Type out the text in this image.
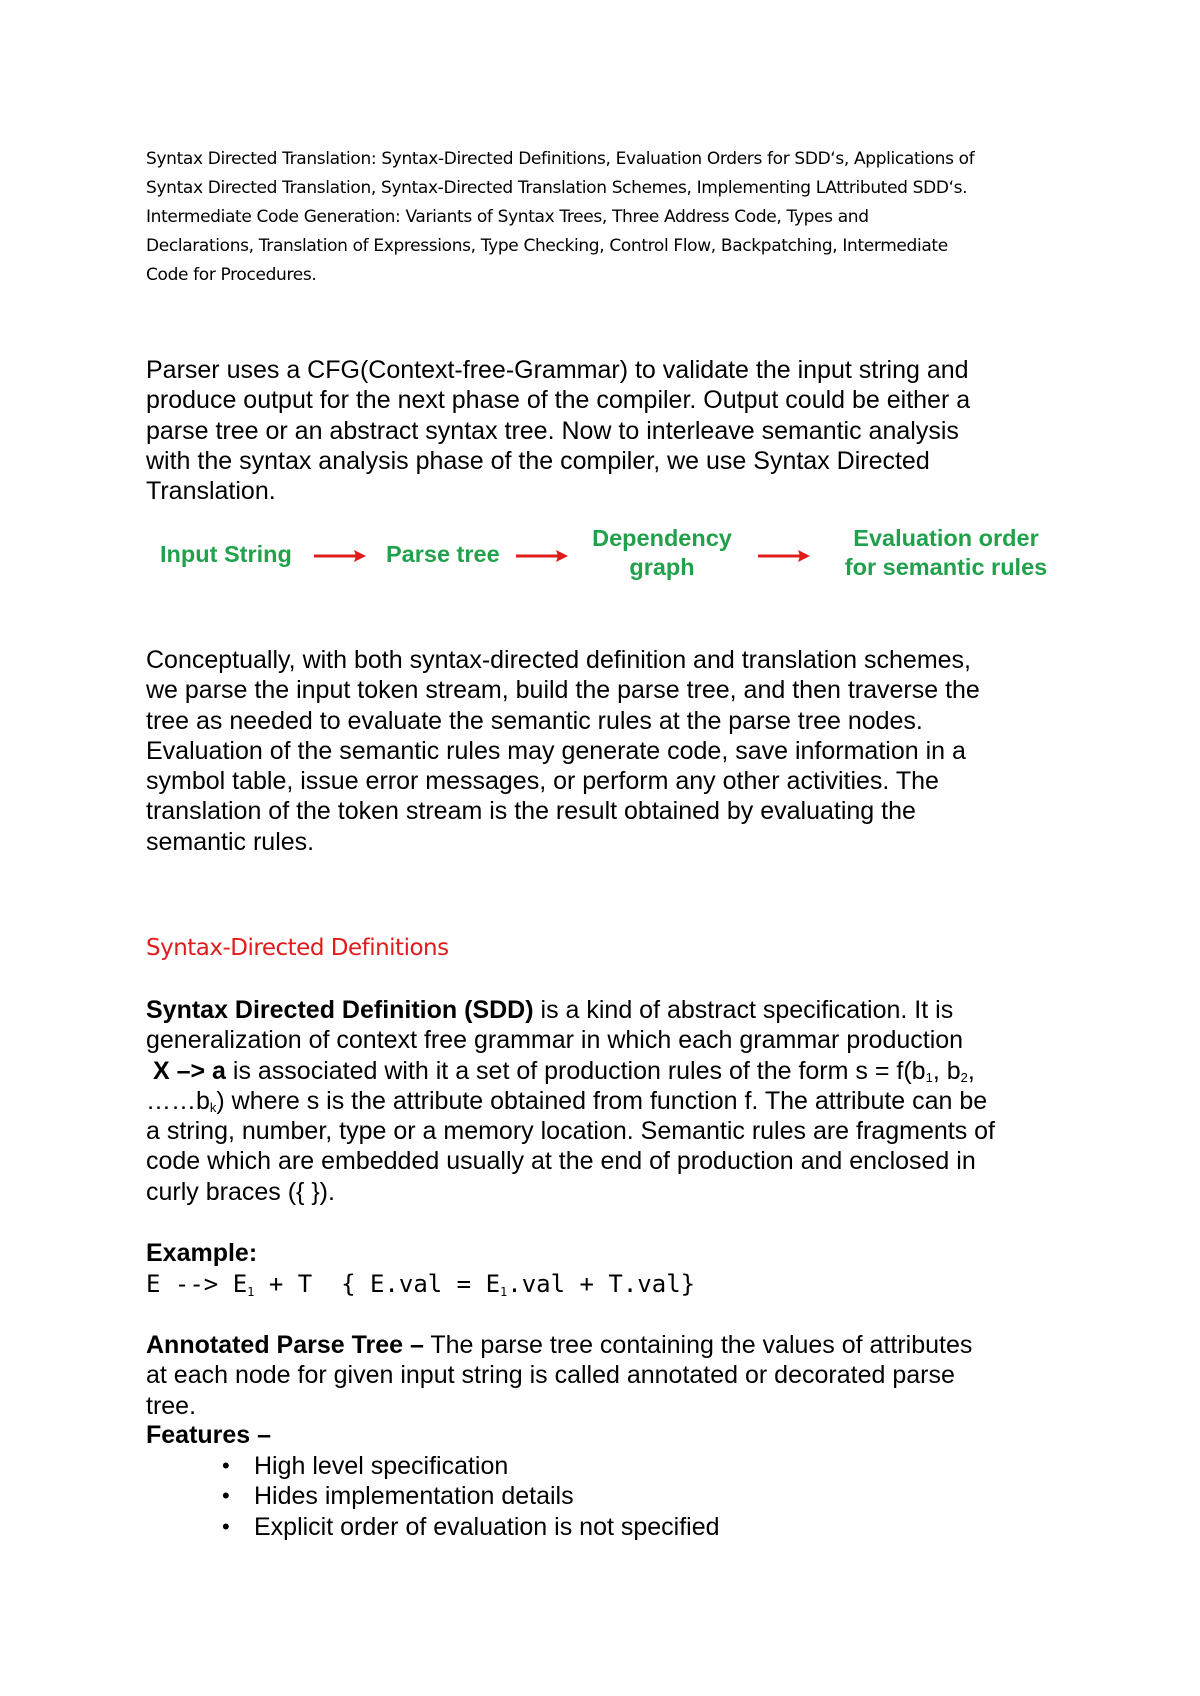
Syntax Directed Translation: Syntax-Directed Definitions, Evaluation Orders for SDD‘s, Applications of
Syntax Directed Translation, Syntax-Directed Translation Schemes, Implementing LAttributed SDD‘s.
Intermediate Code Generation: Variants of Syntax Trees, Three Address Code, Types and
Declarations, Translation of Expressions, Type Checking, Control Flow, Backpatching, Intermediate
Code for Procedures.
Parser uses a CFG(Context-free-Grammar) to validate the input string and
produce output for the next phase of the compiler. Output could be either a
parse tree or an abstract syntax tree. Now to interleave semantic analysis
with the syntax analysis phase of the compiler, we use Syntax Directed
Translation.
Input String	Parse tree
Dependency
graph
Evaluation order
for semantic rules
Conceptually, with both syntax-directed definition and translation schemes,
we parse the input token stream, build the parse tree, and then traverse the
tree as needed to evaluate the semantic rules at the parse tree nodes.
Evaluation of the semantic rules may generate code, save information in a
symbol table, issue error messages, or perform any other activities. The
translation of the token stream is the result obtained by evaluating the
semantic rules.
Syntax-Directed Definitions
Syntax Directed Definition (SDD) is a kind of abstract specification. It is
generalization of context free grammar in which each grammar production
X –> a is associated with it a set of production rules of the form $s = f(b_1$, $b_2$,
$\dots\dots b_k$) where s is the attribute obtained from function f. The attribute can be
a string, number, type or a memory location. Semantic rules are fragments of
code which are embedded usually at the end of production and enclosed in
curly braces ({ }).
Example:
E --> $E_1 + T$  { $E.val = E_1.val + T.val$}
Annotated Parse Tree – The parse tree containing the values of attributes
at each node for given input string is called annotated or decorated parse
tree.
Features –
• High level specification
• Hides implementation details
• Explicit order of evaluation is not specified
